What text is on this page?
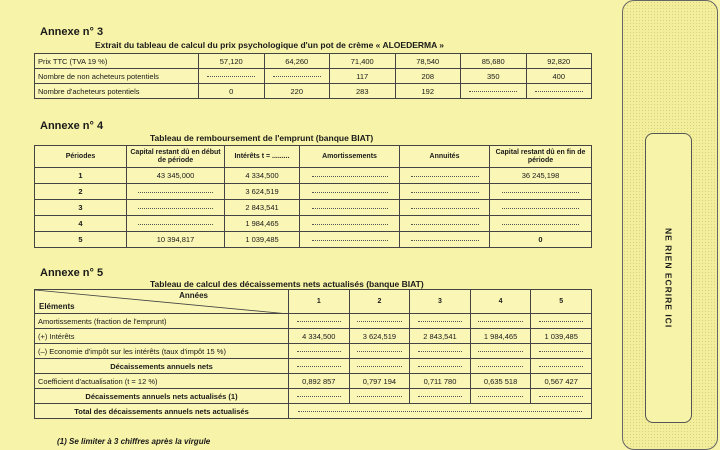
Annexe n° 3
Extrait du tableau de calcul du prix psychologique d'un pot de crème « ALOEDERMA »
Prix TTC (TVA 19 %)	57,120	64,260	71,400	78,540	85,680	92,820
Nombre de non acheteurs potentiels			117	208	350	400
Nombre d'acheteurs potentiels	0	220	283	192		
Annexe n° 4
Tableau de remboursement de l'emprunt (banque BIAT)
Périodes	Capital restant dû en début de période	Intérêts t = .........	Amortissements	Annuités	Capital restant dû en fin de période
1	43 345,000	4 334,500			36 245,198
2		3 624,519			
3		2 843,541			
4		1 984,465			
5	10 394,817	1 039,485			0
Annexe n° 5
Tableau de calcul des décaissements nets actualisés (banque BIAT)
Années
Eléments	1	2	3	4	5
Amortissements (fraction de l'emprunt)					
(+) Intérêts	4 334,500	3 624,519	2 843,541	1 984,465	1 039,485
(–) Economie d'impôt sur les intérêts (taux d'impôt 15 %)					
Décaissements annuels nets					
Coefficient d'actualisation (t = 12 %)	0,892 857	0,797 194	0,711 780	0,635 518	0,567 427
Décaissements annuels nets actualisés (1)					
Total des décaissements annuels nets actualisés					
(1) Se limiter à 3 chiffres après la virgule
NE RIEN ECRIRE ICI
